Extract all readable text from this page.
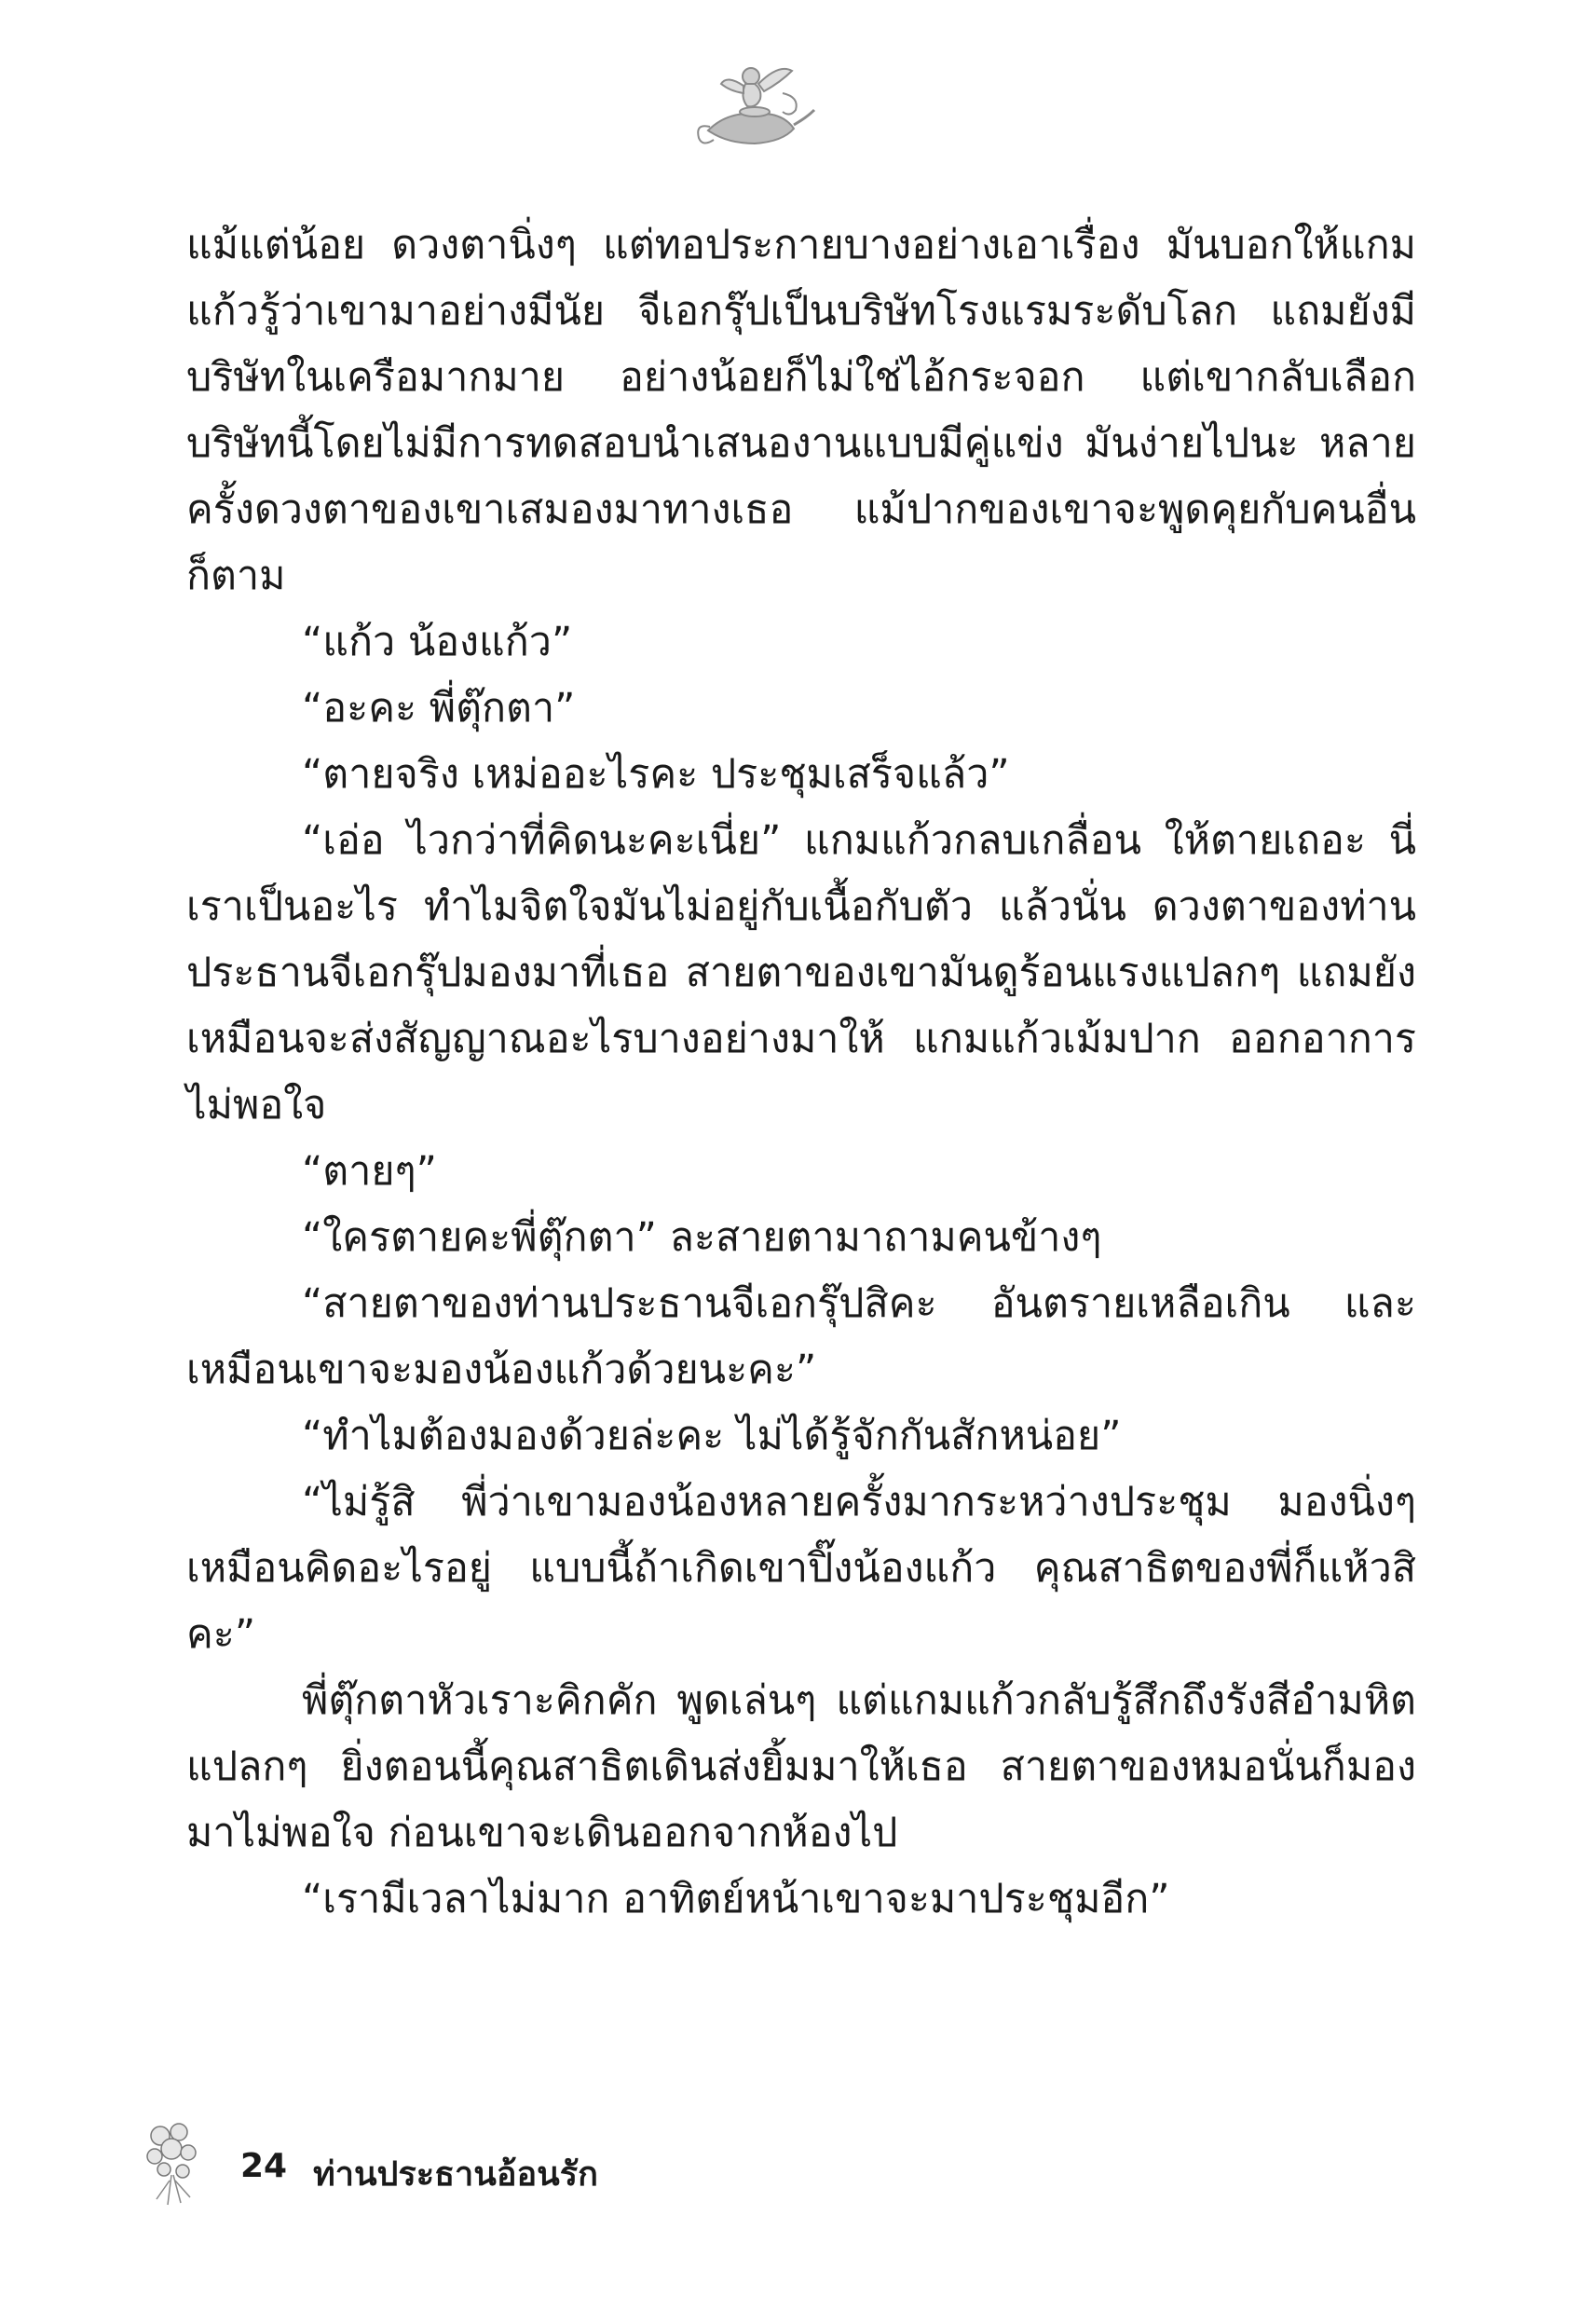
แม้แต่น้อย ดวงตานิ่งๆ แต่ทอประกายบางอย่างเอาเรื่อง มันบอกให้แกมแก้วรู้ว่าเขามาอย่างมีนัย จีเอกรุ๊ปเป็นบริษัทโรงแรมระดับโลก แถมยังมีบริษัทในเครือมากมาย อย่างน้อยก็ไม่ใช่ไอ้กระจอก แต่เขากลับเลือกบริษัทนี้โดยไม่มีการทดสอบนำเสนองานแบบมีคู่แข่ง มันง่ายไปนะ หลายครั้งดวงตาของเขาเสมองมาทางเธอ แม้ปากของเขาจะพูดคุยกับคนอื่นก็ตาม

“แก้ว น้องแก้ว”

“อะคะ พี่ตุ๊กตา”

“ตายจริง เหม่ออะไรคะ ประชุมเสร็จแล้ว”

“เอ่อ ไวกว่าที่คิดนะคะเนี่ย” แกมแก้วกลบเกลื่อน ให้ตายเถอะ นี่เราเป็นอะไร ทำไมจิตใจมันไม่อยู่กับเนื้อกับตัว แล้วนั่น ดวงตาของท่านประธานจีเอกรุ๊ปมองมาที่เธอ สายตาของเขามันดูร้อนแรงแปลกๆ แถมยังเหมือนจะส่งสัญญาณอะไรบางอย่างมาให้ แกมแก้วเม้มปาก ออกอาการไม่พอใจ

“ตายๆ”

“ใครตายคะพี่ตุ๊กตา” ละสายตามาถามคนข้างๆ

“สายตาของท่านประธานจีเอกรุ๊ปสิคะ อันตรายเหลือเกิน และเหมือนเขาจะมองน้องแก้วด้วยนะคะ”

“ทำไมต้องมองด้วยล่ะคะ ไม่ได้รู้จักกันสักหน่อย”

“ไม่รู้สิ พี่ว่าเขามองน้องหลายครั้งมากระหว่างประชุม มองนิ่งๆ เหมือนคิดอะไรอยู่ แบบนี้ถ้าเกิดเขาปิ๊งน้องแก้ว คุณสาธิตของพี่ก็แห้วสิคะ”

พี่ตุ๊กตาหัวเราะคิกคัก พูดเล่นๆ แต่แกมแก้วกลับรู้สึกถึงรังสีอำมหิตแปลกๆ ยิ่งตอนนี้คุณสาธิตเดินส่งยิ้มมาให้เธอ สายตาของหมอนั่นก็มองมาไม่พอใจ ก่อนเขาจะเดินออกจากห้องไป

“เรามีเวลาไม่มาก อาทิตย์หน้าเขาจะมาประชุมอีก”

24 ท่านประธานอ้อนรัก
